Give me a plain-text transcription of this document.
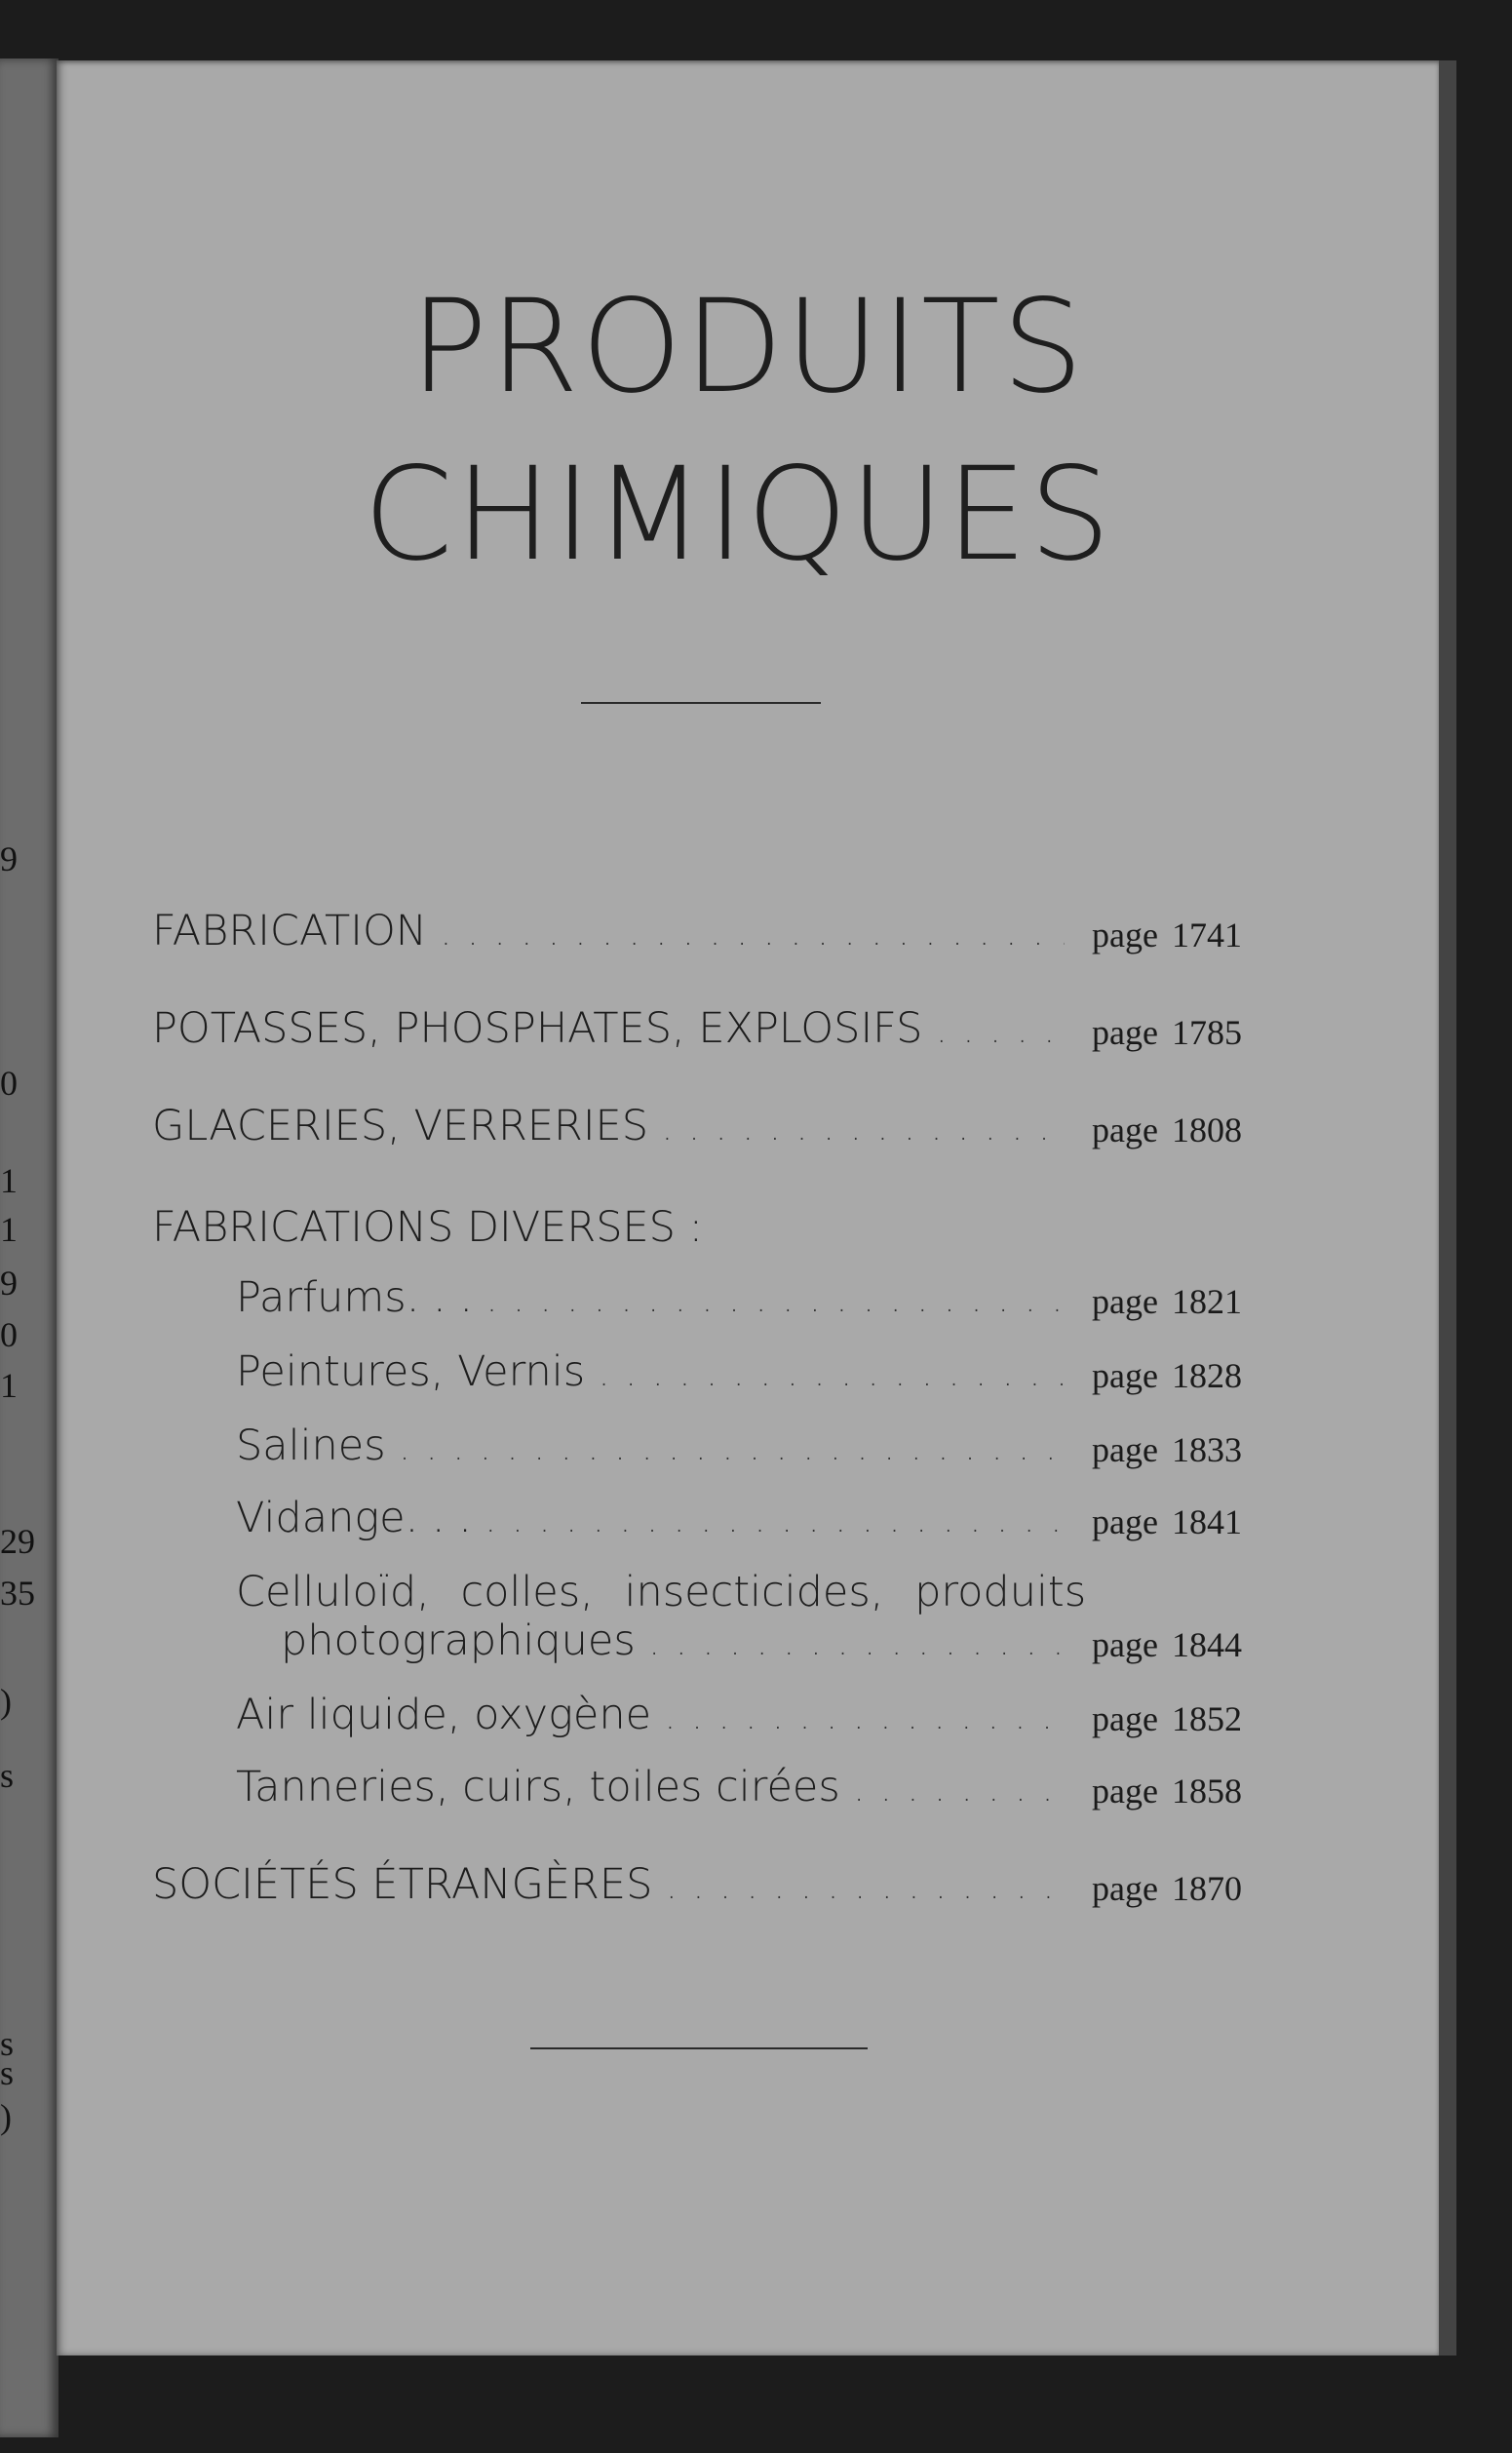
9
0
1
1
9
0
1
29
35
)
s
s
s
)
PRODUITS
CHIMIQUES
FABRICATION . . .	page 1741
POTASSES, PHOSPHATES, EXPLOSIFS . . .	page 1785
GLACERIES, VERRERIES . . .	page 1808
FABRICATIONS DIVERSES :
Parfums. . . . . .	page 1821
Peintures, Vernis . . .	page 1828
Salines . . .	page 1833
Vidange. . . . . .	page 1841
Celluloïd, colles, insecticides, produits
photographiques . . .	page 1844
Air liquide, oxygène . . .	page 1852
Tanneries, cuirs, toiles cirées . . .	page 1858
SOCIÉTÉS ÉTRANGÈRES . . .	page 1870
